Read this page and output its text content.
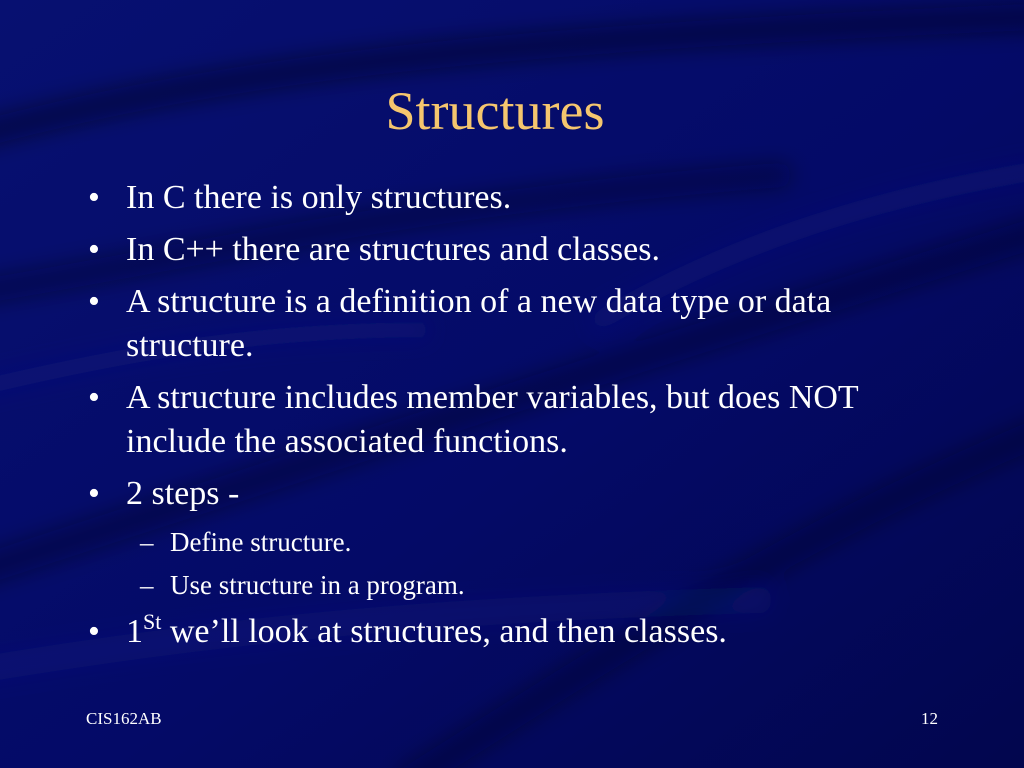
Structures
• In C there is only structures.
• In C++ there are structures and classes.
• A structure is a definition of a new data type or data structure.
• A structure includes member variables, but does NOT include the associated functions.
• 2 steps -
– Define structure.
– Use structure in a program.
• 1St we’ll look at structures, and then classes.
CIS162AB	12
